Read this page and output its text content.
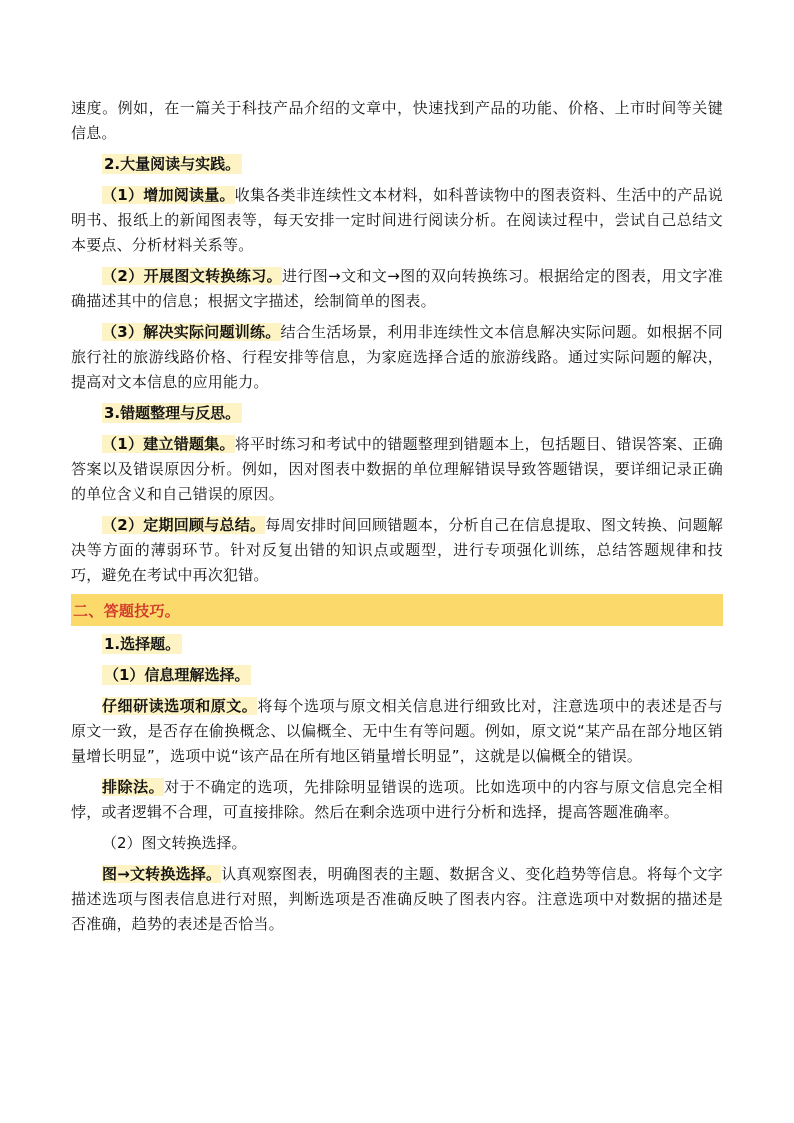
速度。例如，在一篇关于科技产品介绍的文章中，快速找到产品的功能、价格、上市时间等关键信息。

2.大量阅读与实践。

（1）增加阅读量。收集各类非连续性文本材料，如科普读物中的图表资料、生活中的产品说明书、报纸上的新闻图表等，每天安排一定时间进行阅读分析。在阅读过程中，尝试自己总结文本要点、分析材料关系等。

（2）开展图文转换练习。进行图→文和文→图的双向转换练习。根据给定的图表，用文字准确描述其中的信息；根据文字描述，绘制简单的图表。

（3）解决实际问题训练。结合生活场景，利用非连续性文本信息解决实际问题。如根据不同旅行社的旅游线路价格、行程安排等信息，为家庭选择合适的旅游线路。通过实际问题的解决，提高对文本信息的应用能力。

3.错题整理与反思。

（1）建立错题集。将平时练习和考试中的错题整理到错题本上，包括题目、错误答案、正确答案以及错误原因分析。例如，因对图表中数据的单位理解错误导致答题错误，要详细记录正确的单位含义和自己错误的原因。

（2）定期回顾与总结。每周安排时间回顾错题本，分析自己在信息提取、图文转换、问题解决等方面的薄弱环节。针对反复出错的知识点或题型，进行专项强化训练，总结答题规律和技巧，避免在考试中再次犯错。

二、答题技巧。

1.选择题。

（1）信息理解选择。

仔细研读选项和原文。将每个选项与原文相关信息进行细致比对，注意选项中的表述是否与原文一致，是否存在偷换概念、以偏概全、无中生有等问题。例如，原文说“某产品在部分地区销量增长明显”，选项中说“该产品在所有地区销量增长明显”，这就是以偏概全的错误。

排除法。对于不确定的选项，先排除明显错误的选项。比如选项中的内容与原文信息完全相悖，或者逻辑不合理，可直接排除。然后在剩余选项中进行分析和选择，提高答题准确率。

（2）图文转换选择。

图→文转换选择。认真观察图表，明确图表的主题、数据含义、变化趋势等信息。将每个文字描述选项与图表信息进行对照，判断选项是否准确反映了图表内容。注意选项中对数据的描述是否准确，趋势的表述是否恰当。
